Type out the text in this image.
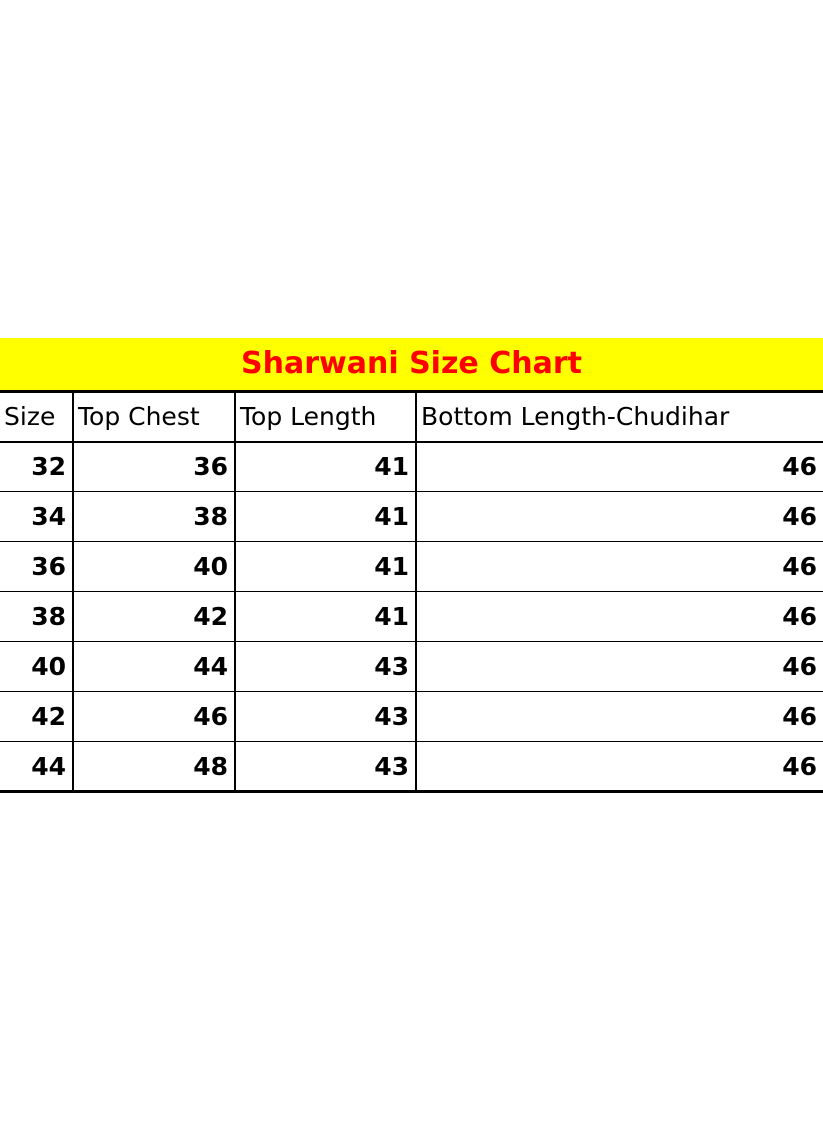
Sharwani Size Chart
Size	Top Chest	Top Length	Bottom Length-Chudihar
32	36	41	46
34	38	41	46
36	40	41	46
38	42	41	46
40	44	43	46
42	46	43	46
44	48	43	46
